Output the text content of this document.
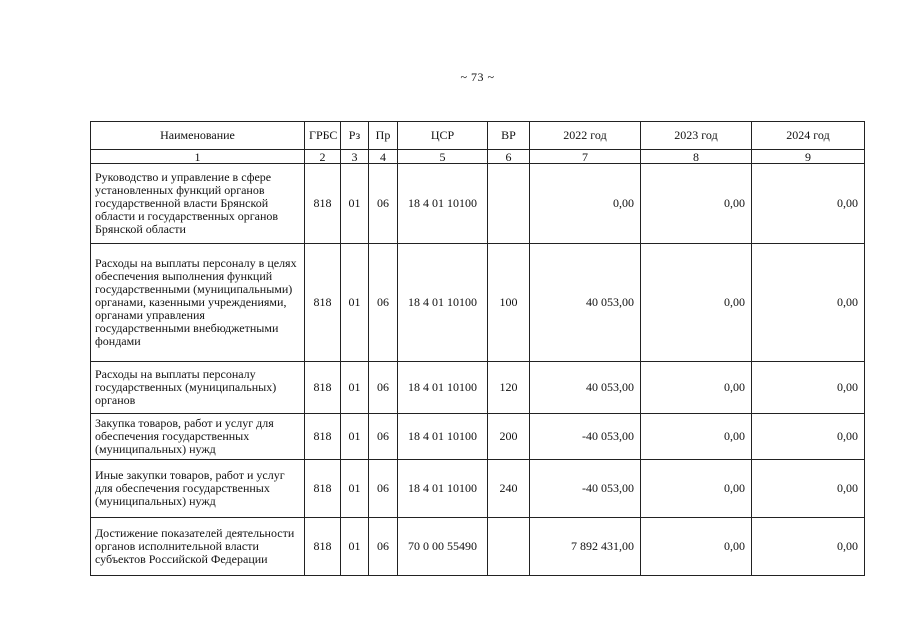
~ 73 ~
Наименование	ГРБС	Рз	Пр	ЦСР	ВР	2022 год	2023 год	2024 год
1	2	3	4	5	6	7	8	9
Руководство и управление в сфере установленных функций органов государственной власти Брянской области и государственных органов Брянской области	818	01	06	18 4 01 10100		0,00	0,00	0,00
Расходы на выплаты персоналу в целях обеспечения выполнения функций государственными (муниципальными) органами, казенными учреждениями, органами управления государственными внебюджетными фондами	818	01	06	18 4 01 10100	100	40 053,00	0,00	0,00
Расходы на выплаты персоналу государственных (муниципальных) органов	818	01	06	18 4 01 10100	120	40 053,00	0,00	0,00
Закупка товаров, работ и услуг для обеспечения государственных (муниципальных) нужд	818	01	06	18 4 01 10100	200	-40 053,00	0,00	0,00
Иные закупки товаров, работ и услуг для обеспечения государственных (муниципальных) нужд	818	01	06	18 4 01 10100	240	-40 053,00	0,00	0,00
Достижение показателей деятельности органов исполнительной власти субъектов Российской Федерации	818	01	06	70 0 00 55490		7 892 431,00	0,00	0,00
